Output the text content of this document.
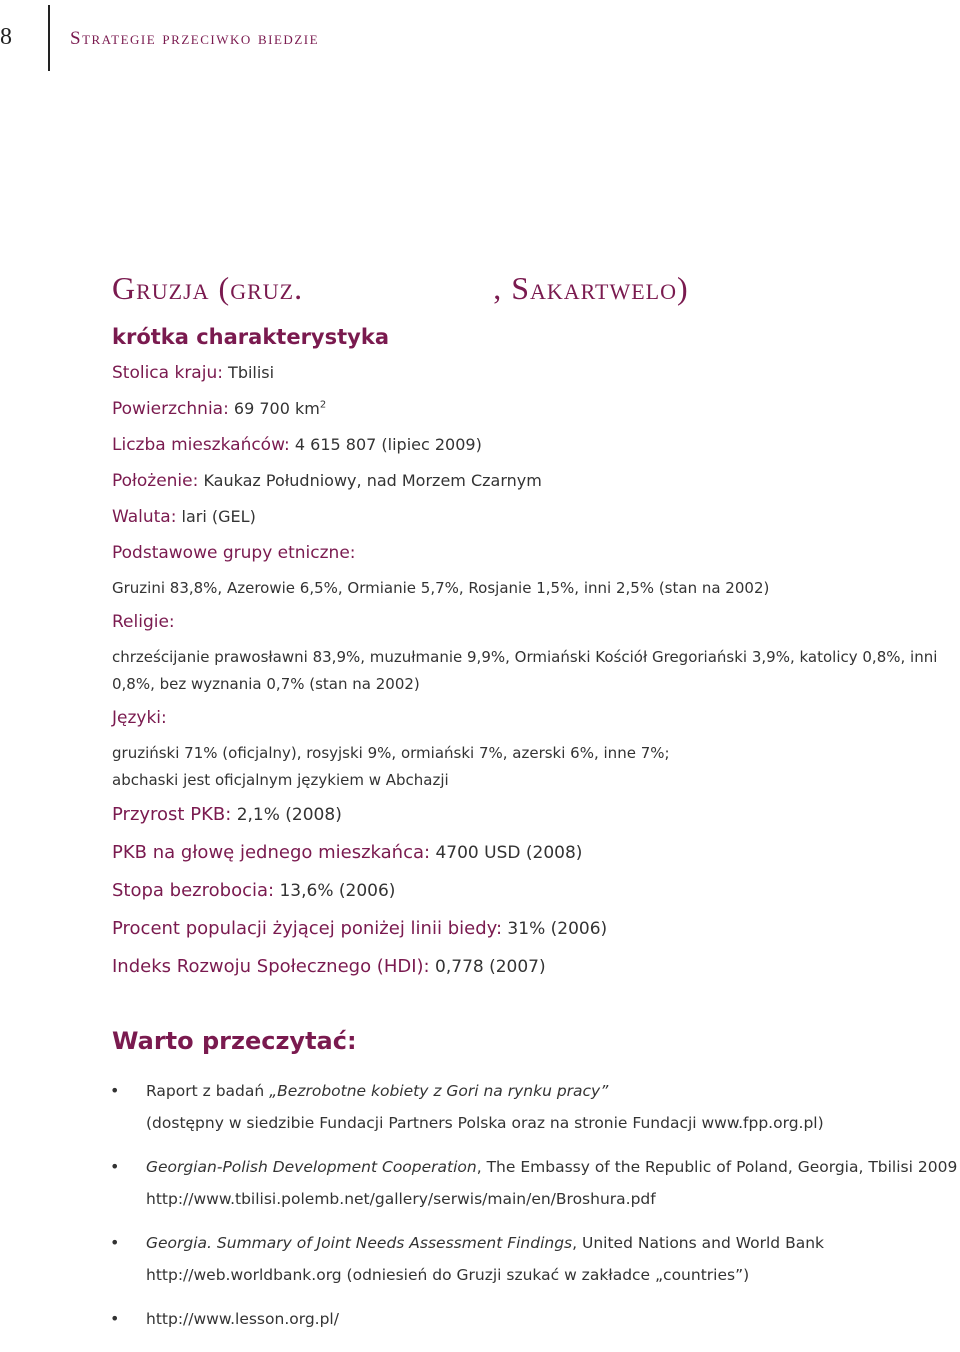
8	Strategie przeciwko biedzie
Gruzja (gruz. საქართველო, Sakartwelo)
krótka charakterystyka
Stolica kraju: Tbilisi
Powierzchnia: 69 700 $km^2$
Liczba mieszkańców: 4 615 807 (lipiec 2009)
Położenie: Kaukaz Południowy, nad Morzem Czarnym
Waluta: lari (GEL)
Podstawowe grupy etniczne:
Gruzini 83,8%, Azerowie 6,5%, Ormianie 5,7%, Rosjanie 1,5%, inni 2,5% (stan na 2002)
Religie:
chrześcijanie prawosławni 83,9%, muzułmanie 9,9%, Ormiański Kościół Gregoriański 3,9%, katolicy 0,8%, inni 0,8%, bez wyznania 0,7% (stan na 2002)
Języki:
gruziński 71% (oficjalny), rosyjski 9%, ormiański 7%, azerski 6%, inne 7%;
abchaski jest oficjalnym językiem w Abchazji
Przyrost PKB: 2,1% (2008)
PKB na głowę jednego mieszkańca: 4700 USD (2008)
Stopa bezrobocia: 13,6% (2006)
Procent populacji żyjącej poniżej linii biedy: 31% (2006)
Indeks Rozwoju Społecznego (HDI): 0,778 (2007)
Warto przeczytać:
• Raport z badań „Bezrobotne kobiety z Gori na rynku pracy”
(dostępny w siedzibie Fundacji Partners Polska oraz na stronie Fundacji www.fpp.org.pl)
• Georgian-Polish Development Cooperation, The Embassy of the Republic of Poland, Georgia, Tbilisi 2009
http://www.tbilisi.polemb.net/gallery/serwis/main/en/Broshura.pdf
• Georgia. Summary of Joint Needs Assessment Findings, United Nations and World Bank
http://web.worldbank.org (odniesień do Gruzji szukać w zakładce „countries”)
• http://www.lesson.org.pl/
